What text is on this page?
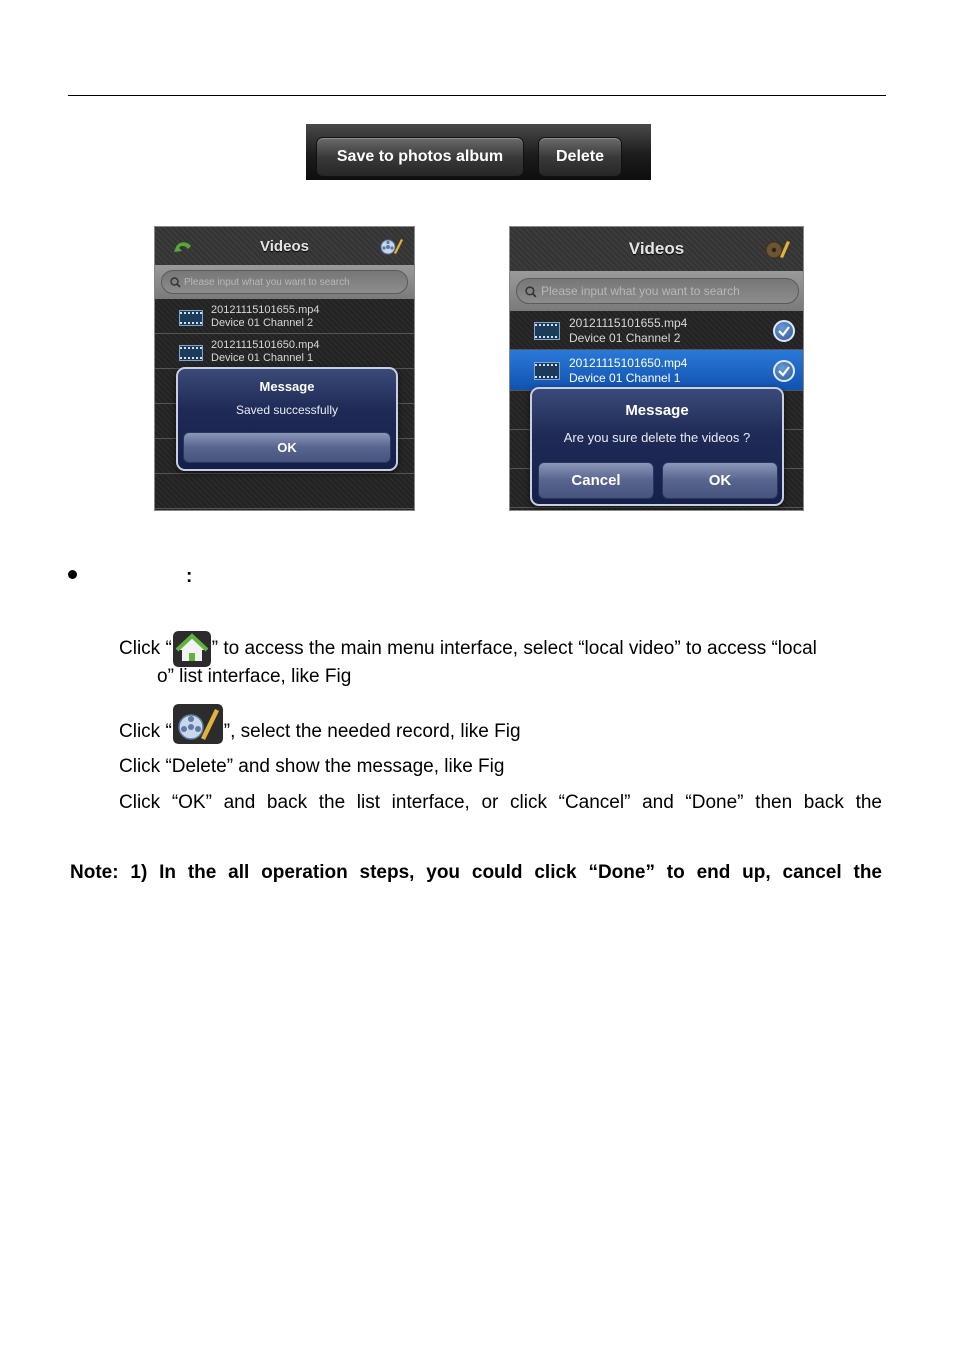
Save to photos album	Delete
Videos
Please input what you want to search
20121115101655.mp4
Device 01 Channel 2
20121115101650.mp4
Device 01 Channel 1
Message
Saved successfully
OK
Videos
Please input what you want to search
20121115101655.mp4
Device 01 Channel 2
20121115101650.mp4
Device 01 Channel 1
Message
Are you sure delete the videos ?
Cancel	OK
:
Click “ ” to access the main menu interface, select “local video” to access “local
o” list interface, like Fig
Click “	”, select the needed record, like Fig
Click “Delete” and show the message, like Fig
Click “OK” and back the list interface, or click “Cancel” and “Done” then back the
Note: 1) In the all operation steps, you could click “Done” to end up, cancel the
